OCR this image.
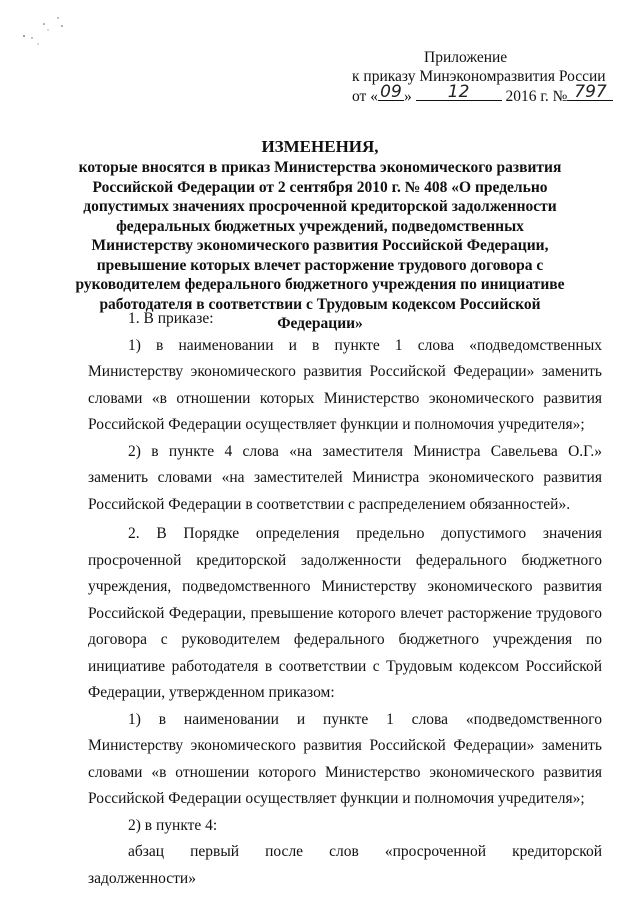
Приложение
к приказу Минэкономразвития России
от « 09 »	12	2016 г. № 797
ИЗМЕНЕНИЯ,
которые вносятся в приказ Министерства экономического развития Российской Федерации от 2 сентября 2010 г. № 408 «О предельно допустимых значениях просроченной кредиторской задолженности федеральных бюджетных учреждений, подведомственных Министерству экономического развития Российской Федерации, превышение которых влечет расторжение трудового договора с руководителем федерального бюджетного учреждения по инициативе работодателя в соответствии с Трудовым кодексом Российской Федерации»

1. В приказе:

1) в наименовании и в пункте 1 слова «подведомственных Министерству экономического развития Российской Федерации» заменить словами «в отношении которых Министерство экономического развития Российской Федерации осуществляет функции и полномочия учредителя»;

2) в пункте 4 слова «на заместителя Министра Савельева О.Г.» заменить словами «на заместителей Министра экономического развития Российской Федерации в соответствии с распределением обязанностей».

2. В Порядке определения предельно допустимого значения просроченной кредиторской задолженности федерального бюджетного учреждения, подведомственного Министерству экономического развития Российской Федерации, превышение которого влечет расторжение трудового договора с руководителем федерального бюджетного учреждения по инициативе работодателя в соответствии с Трудовым кодексом Российской Федерации, утвержденном приказом:

1) в наименовании и пункте 1 слова «подведомственного Министерству экономического развития Российской Федерации» заменить словами «в отношении которого Министерство экономического развития Российской Федерации осуществляет функции и полномочия учредителя»;

2) в пункте 4:

абзац первый после слов «просроченной кредиторской задолженности»
